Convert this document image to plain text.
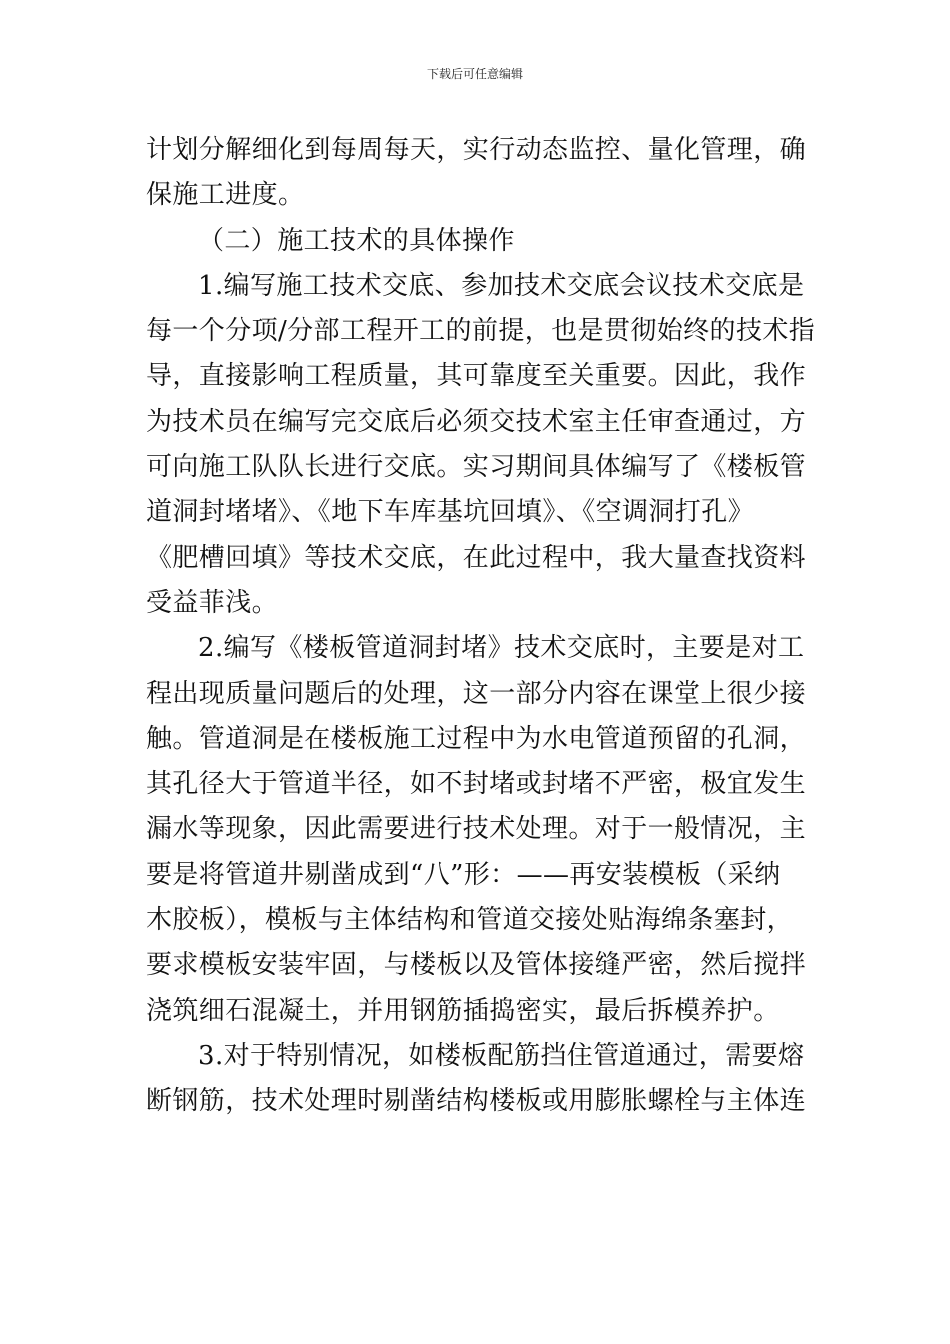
下载后可任意编辑
计划分解细化到每周每天，实行动态监控、量化管理，确
保施工进度。
（二）施工技术的具体操作
1.编写施工技术交底、参加技术交底会议技术交底是
每一个分项/分部工程开工的前提，也是贯彻始终的技术指
导，直接影响工程质量，其可靠度至关重要。因此，我作
为技术员在编写完交底后必须交技术室主任审查通过，方
可向施工队队长进行交底。实习期间具体编写了《楼板管
道洞封堵堵》、《地下车库基坑回填》、《空调洞打孔》
《肥槽回填》等技术交底，在此过程中，我大量查找资料
受益菲浅。
2.编写《楼板管道洞封堵》技术交底时，主要是对工
程出现质量问题后的处理，这一部分内容在课堂上很少接
触。管道洞是在楼板施工过程中为水电管道预留的孔洞，
其孔径大于管道半径，如不封堵或封堵不严密，极宜发生
漏水等现象，因此需要进行技术处理。对于一般情况，主
要是将管道井剔凿成到“八”形：——再安装模板（采纳
木胶板），模板与主体结构和管道交接处贴海绵条塞封，
要求模板安装牢固，与楼板以及管体接缝严密，然后搅拌
浇筑细石混凝土，并用钢筋插捣密实，最后拆模养护。
3.对于特别情况，如楼板配筋挡住管道通过，需要熔
断钢筋，技术处理时剔凿结构楼板或用膨胀螺栓与主体连
